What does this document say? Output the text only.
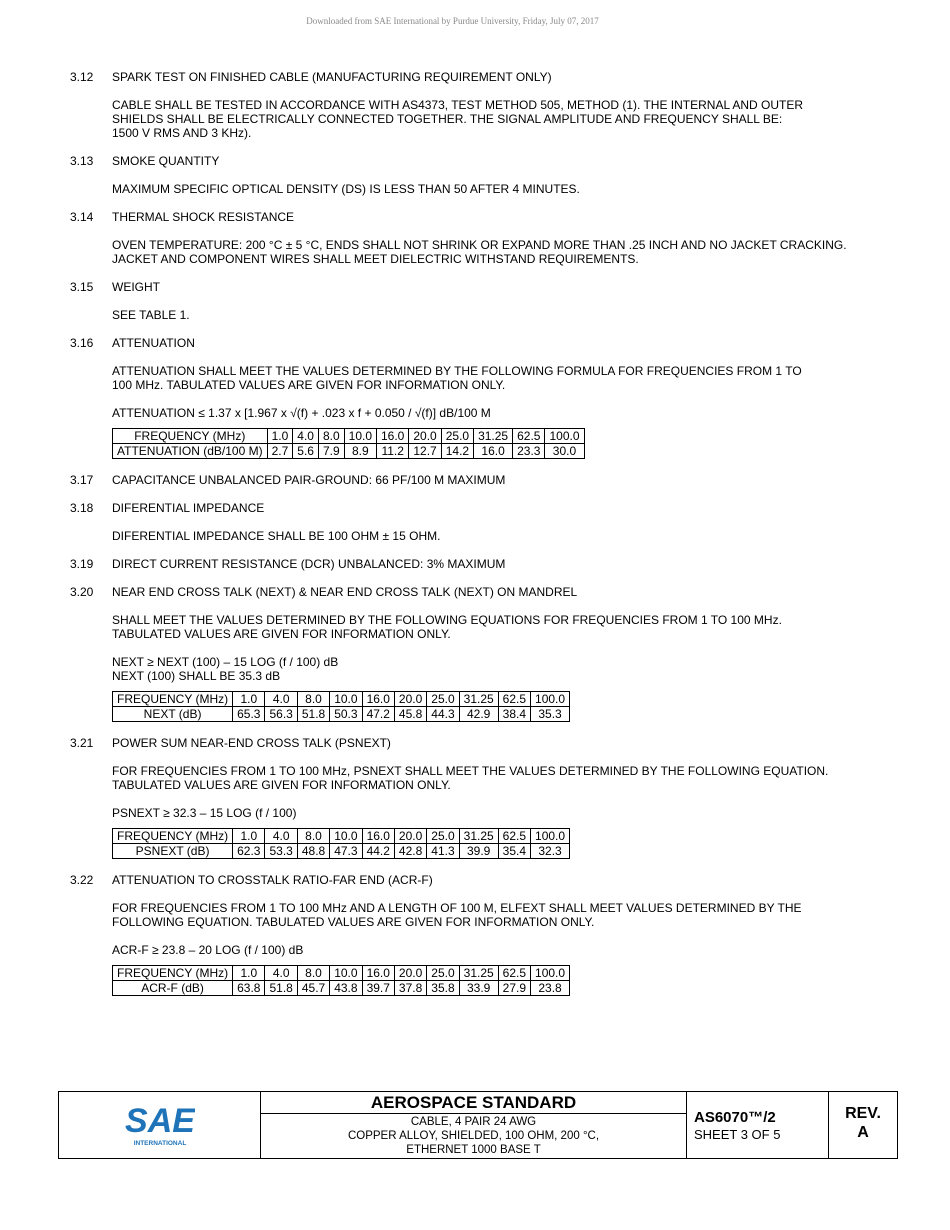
Downloaded from SAE International by Purdue University, Friday, July 07, 2017
3.12	SPARK TEST ON FINISHED CABLE (MANUFACTURING REQUIREMENT ONLY)
CABLE SHALL BE TESTED IN ACCORDANCE WITH AS4373, TEST METHOD 505, METHOD (1). THE INTERNAL AND OUTER
SHIELDS SHALL BE ELECTRICALLY CONNECTED TOGETHER. THE SIGNAL AMPLITUDE AND FREQUENCY SHALL BE:
1500 V RMS AND 3 KHz).
3.13	SMOKE QUANTITY
MAXIMUM SPECIFIC OPTICAL DENSITY (DS) IS LESS THAN 50 AFTER 4 MINUTES.
3.14	THERMAL SHOCK RESISTANCE
OVEN TEMPERATURE: 200 °C ± 5 °C, ENDS SHALL NOT SHRINK OR EXPAND MORE THAN .25 INCH AND NO JACKET CRACKING.
JACKET AND COMPONENT WIRES SHALL MEET DIELECTRIC WITHSTAND REQUIREMENTS.
3.15	WEIGHT
SEE TABLE 1.
3.16	ATTENUATION
ATTENUATION SHALL MEET THE VALUES DETERMINED BY THE FOLLOWING FORMULA FOR FREQUENCIES FROM 1 TO
100 MHz. TABULATED VALUES ARE GIVEN FOR INFORMATION ONLY.
ATTENUATION ≤ 1.37 x [1.967 x √(f) + .023 x f + 0.050 / √(f)] dB/100 M
FREQUENCY (MHz)	1.0	4.0	8.0	10.0	16.0	20.0	25.0	31.25	62.5	100.0
ATTENUATION (dB/100 M)	2.7	5.6	7.9	8.9	11.2	12.7	14.2	16.0	23.3	30.0
3.17	CAPACITANCE UNBALANCED PAIR-GROUND: 66 PF/100 M MAXIMUM
3.18	DIFERENTIAL IMPEDANCE
DIFERENTIAL IMPEDANCE SHALL BE 100 OHM ± 15 OHM.
3.19	DIRECT CURRENT RESISTANCE (DCR) UNBALANCED: 3% MAXIMUM
3.20	NEAR END CROSS TALK (NEXT) & NEAR END CROSS TALK (NEXT) ON MANDREL
SHALL MEET THE VALUES DETERMINED BY THE FOLLOWING EQUATIONS FOR FREQUENCIES FROM 1 TO 100 MHz.
TABULATED VALUES ARE GIVEN FOR INFORMATION ONLY.
NEXT ≥ NEXT (100) – 15 LOG (f / 100) dB
NEXT (100) SHALL BE 35.3 dB
FREQUENCY (MHz)	1.0	4.0	8.0	10.0	16.0	20.0	25.0	31.25	62.5	100.0
NEXT (dB)	65.3	56.3	51.8	50.3	47.2	45.8	44.3	42.9	38.4	35.3
3.21	POWER SUM NEAR-END CROSS TALK (PSNEXT)
FOR FREQUENCIES FROM 1 TO 100 MHz, PSNEXT SHALL MEET THE VALUES DETERMINED BY THE FOLLOWING EQUATION.
TABULATED VALUES ARE GIVEN FOR INFORMATION ONLY.
PSNEXT ≥ 32.3 – 15 LOG (f / 100)
FREQUENCY (MHz)	1.0	4.0	8.0	10.0	16.0	20.0	25.0	31.25	62.5	100.0
PSNEXT (dB)	62.3	53.3	48.8	47.3	44.2	42.8	41.3	39.9	35.4	32.3
3.22	ATTENUATION TO CROSSTALK RATIO-FAR END (ACR-F)
FOR FREQUENCIES FROM 1 TO 100 MHz AND A LENGTH OF 100 M, ELFEXT SHALL MEET VALUES DETERMINED BY THE
FOLLOWING EQUATION. TABULATED VALUES ARE GIVEN FOR INFORMATION ONLY.
ACR-F ≥ 23.8 – 20 LOG (f / 100) dB
FREQUENCY (MHz)	1.0	4.0	8.0	10.0	16.0	20.0	25.0	31.25	62.5	100.0
ACR-F (dB)	63.8	51.8	45.7	43.8	39.7	37.8	35.8	33.9	27.9	23.8
SAE
INTERNATIONAL
AEROSPACE STANDARD
CABLE, 4 PAIR 24 AWG
COPPER ALLOY, SHIELDED, 100 OHM, 200 °C,
ETHERNET 1000 BASE T
AS6070™/2
SHEET 3 OF 5
REV.
A
